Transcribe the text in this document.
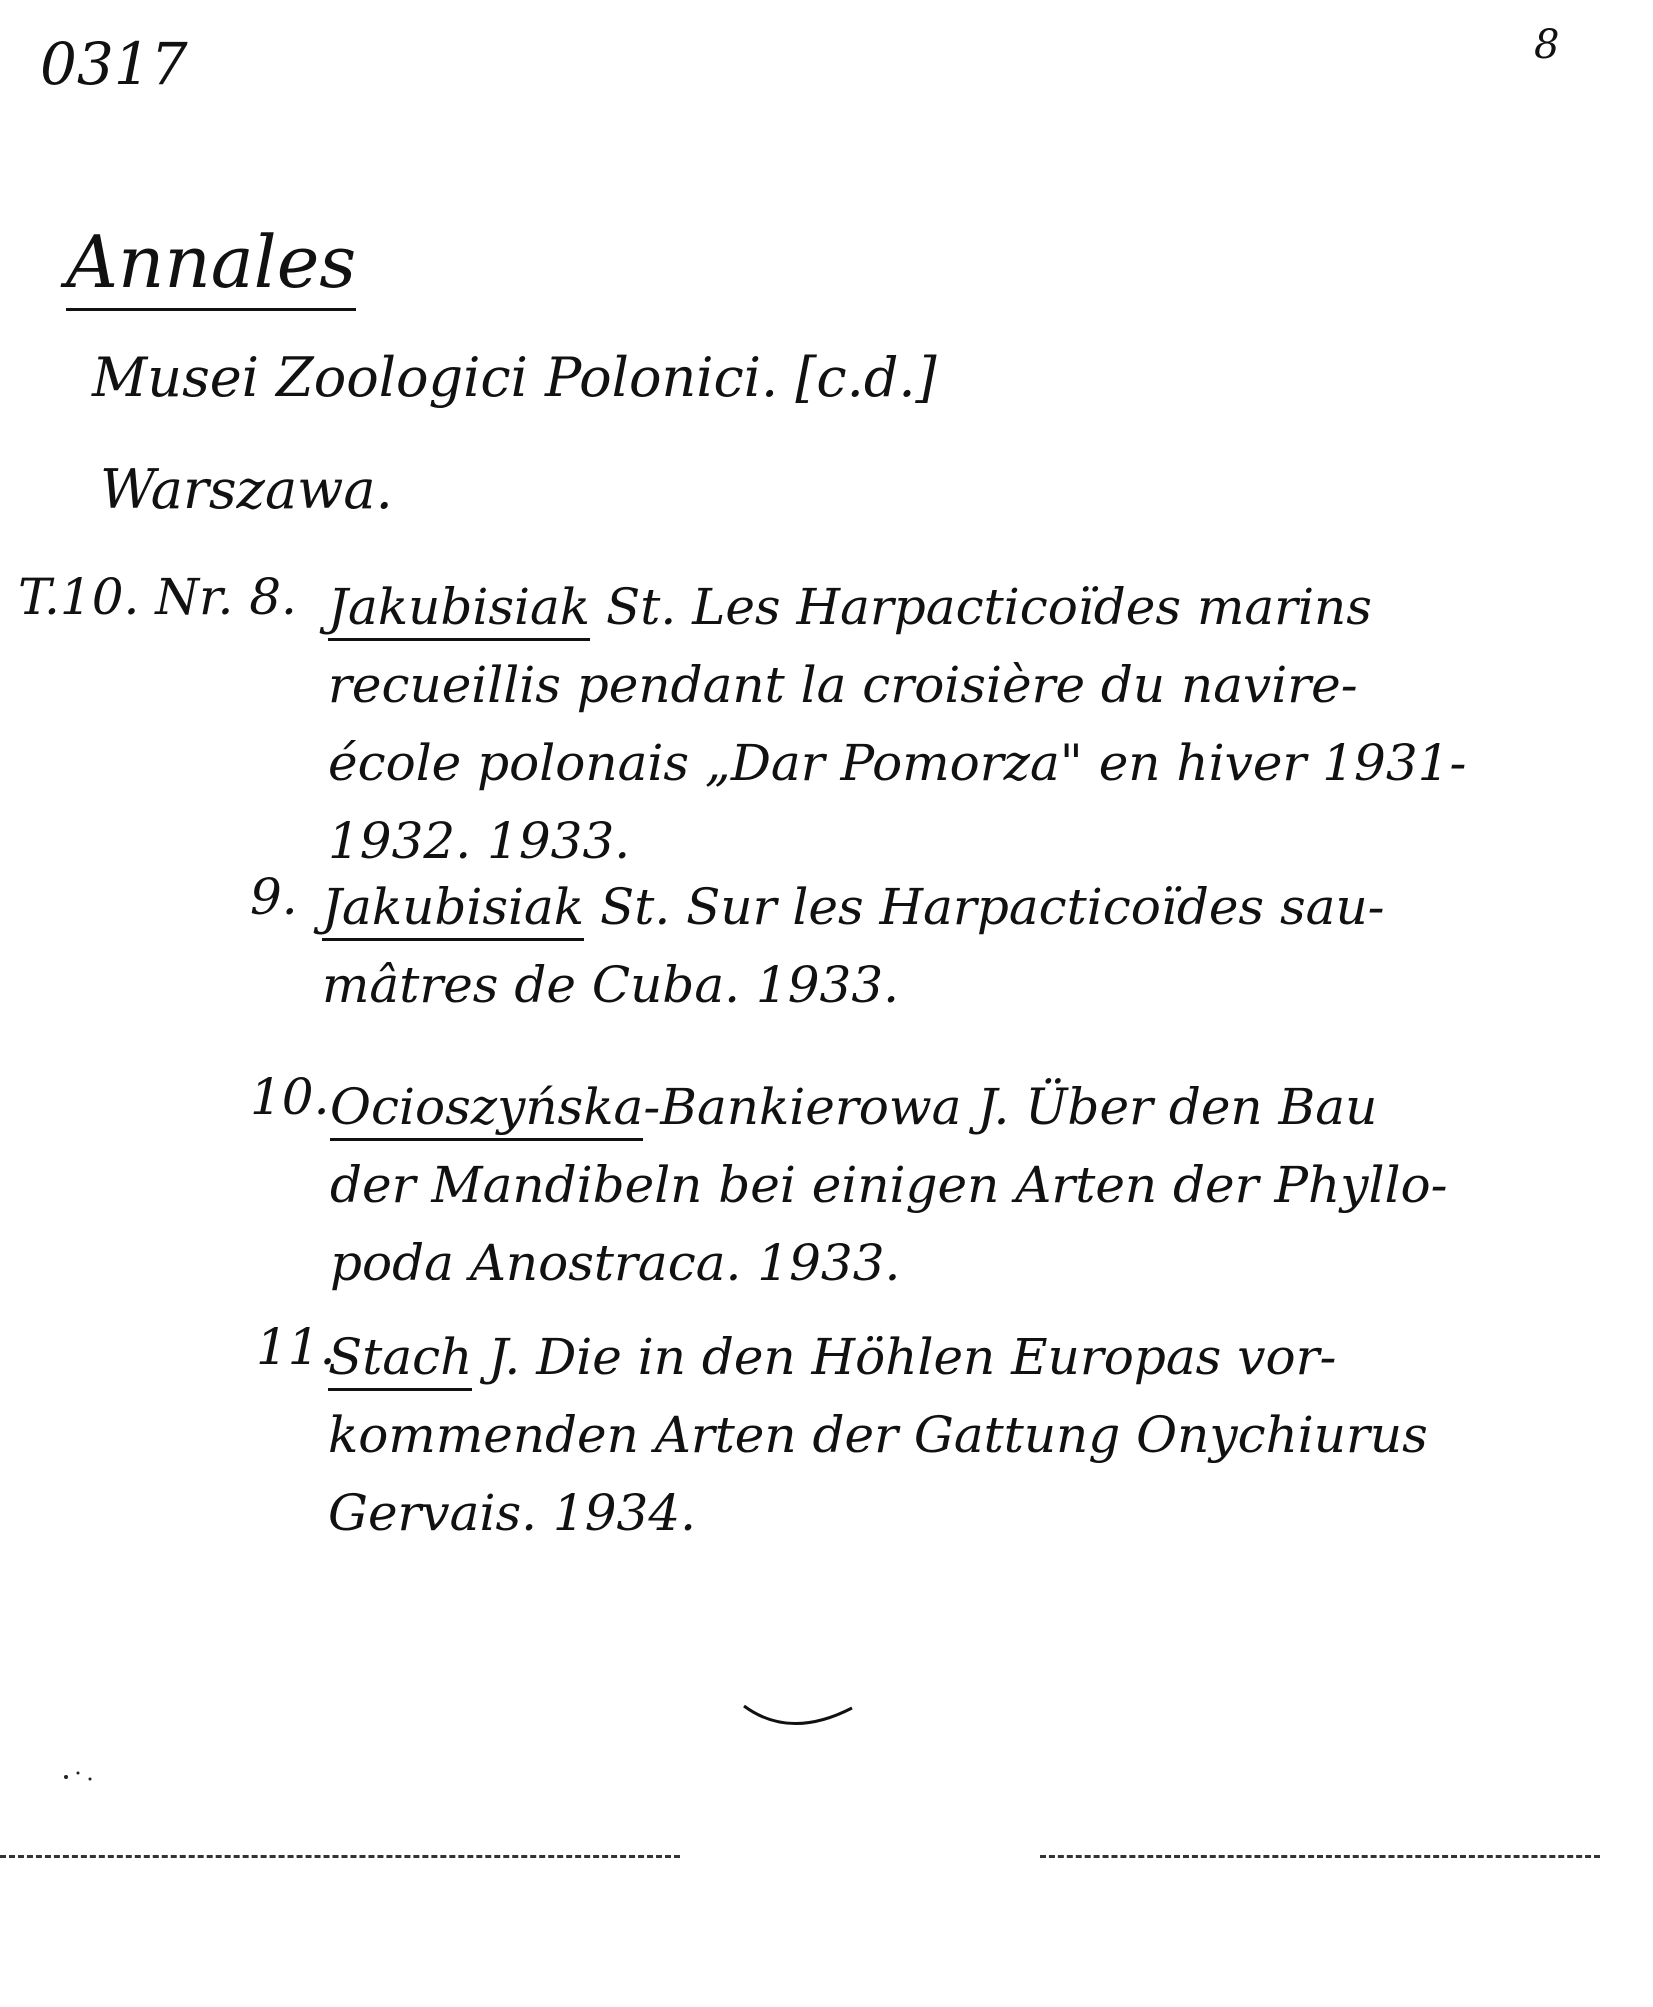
0317	8
Annales
Musei Zoologici Polonici. [c.d.]
Warszawa.
T.10. Nr. 8. Jakubisiak St. Les Harpacticoïdes marins
recueillis pendant la croisière du navire-
école polonais „Dar Pomorza" en hiver 1931-
1932. 1933.
9. Jakubisiak St. Sur les Harpacticoïdes sau-
mâtres de Cuba. 1933.
10. Ocioszyńska-Bankierowa J. Über den Bau
der Mandibeln bei einigen Arten der Phyllo-
poda Anostraca. 1933.
11.
Stach J. Die in den Höhlen Europas vor-
kommenden Arten der Gattung Onychiurus
Gervais. 1934.
